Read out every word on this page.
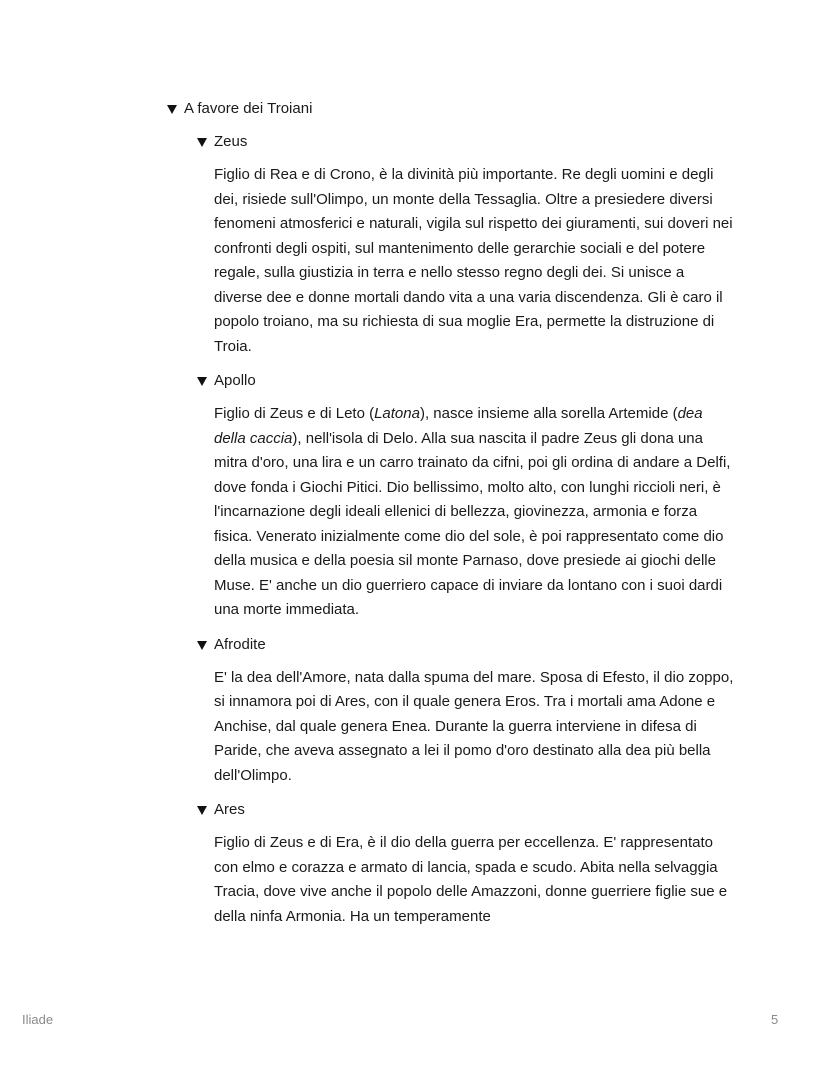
A favore dei Troiani
Zeus

Figlio di Rea e di Crono, è la divinità più importante. Re degli uomini e degli dei, risiede sull'Olimpo, un monte della Tessaglia. Oltre a presiedere diversi fenomeni atmosferici e naturali, vigila sul rispetto dei giuramenti, sui doveri nei confronti degli ospiti, sul mantenimento delle gerarchie sociali e del potere regale, sulla giustizia in terra e nello stesso regno degli dei. Si unisce a diverse dee e donne mortali dando vita a una varia discendenza. Gli è caro il popolo troiano, ma su richiesta di sua moglie Era, permette la distruzione di Troia.

Apollo

Figlio di Zeus e di Leto (Latona), nasce insieme alla sorella Artemide (dea della caccia), nell'isola di Delo. Alla sua nascita il padre Zeus gli dona una mitra d'oro, una lira e un carro trainato da cifni, poi gli ordina di andare a Delfi, dove fonda i Giochi Pitici. Dio bellissimo, molto alto, con lunghi riccioli neri, è l'incarnazione degli ideali ellenici di bellezza, giovinezza, armonia e forza fisica. Venerato inizialmente come dio del sole, è poi rappresentato come dio della musica e della poesia sil monte Parnaso, dove presiede ai giochi delle Muse. E' anche un dio guerriero capace di inviare da lontano con i suoi dardi una morte immediata.

Afrodite

E' la dea dell'Amore, nata dalla spuma del mare. Sposa di Efesto, il dio zoppo, si innamora poi di Ares, con il quale genera Eros. Tra i mortali ama Adone e Anchise, dal quale genera Enea. Durante la guerra interviene in difesa di Paride, che aveva assegnato a lei il pomo d'oro destinato alla dea più bella dell'Olimpo.

Ares

Figlio di Zeus e di Era, è il dio della guerra per eccellenza. E' rappresentato con elmo e corazza e armato di lancia, spada e scudo. Abita nella selvaggia Tracia, dove vive anche il popolo delle Amazzoni, donne guerriere figlie sue e della ninfa Armonia. Ha un temperamente

Iliade	5
